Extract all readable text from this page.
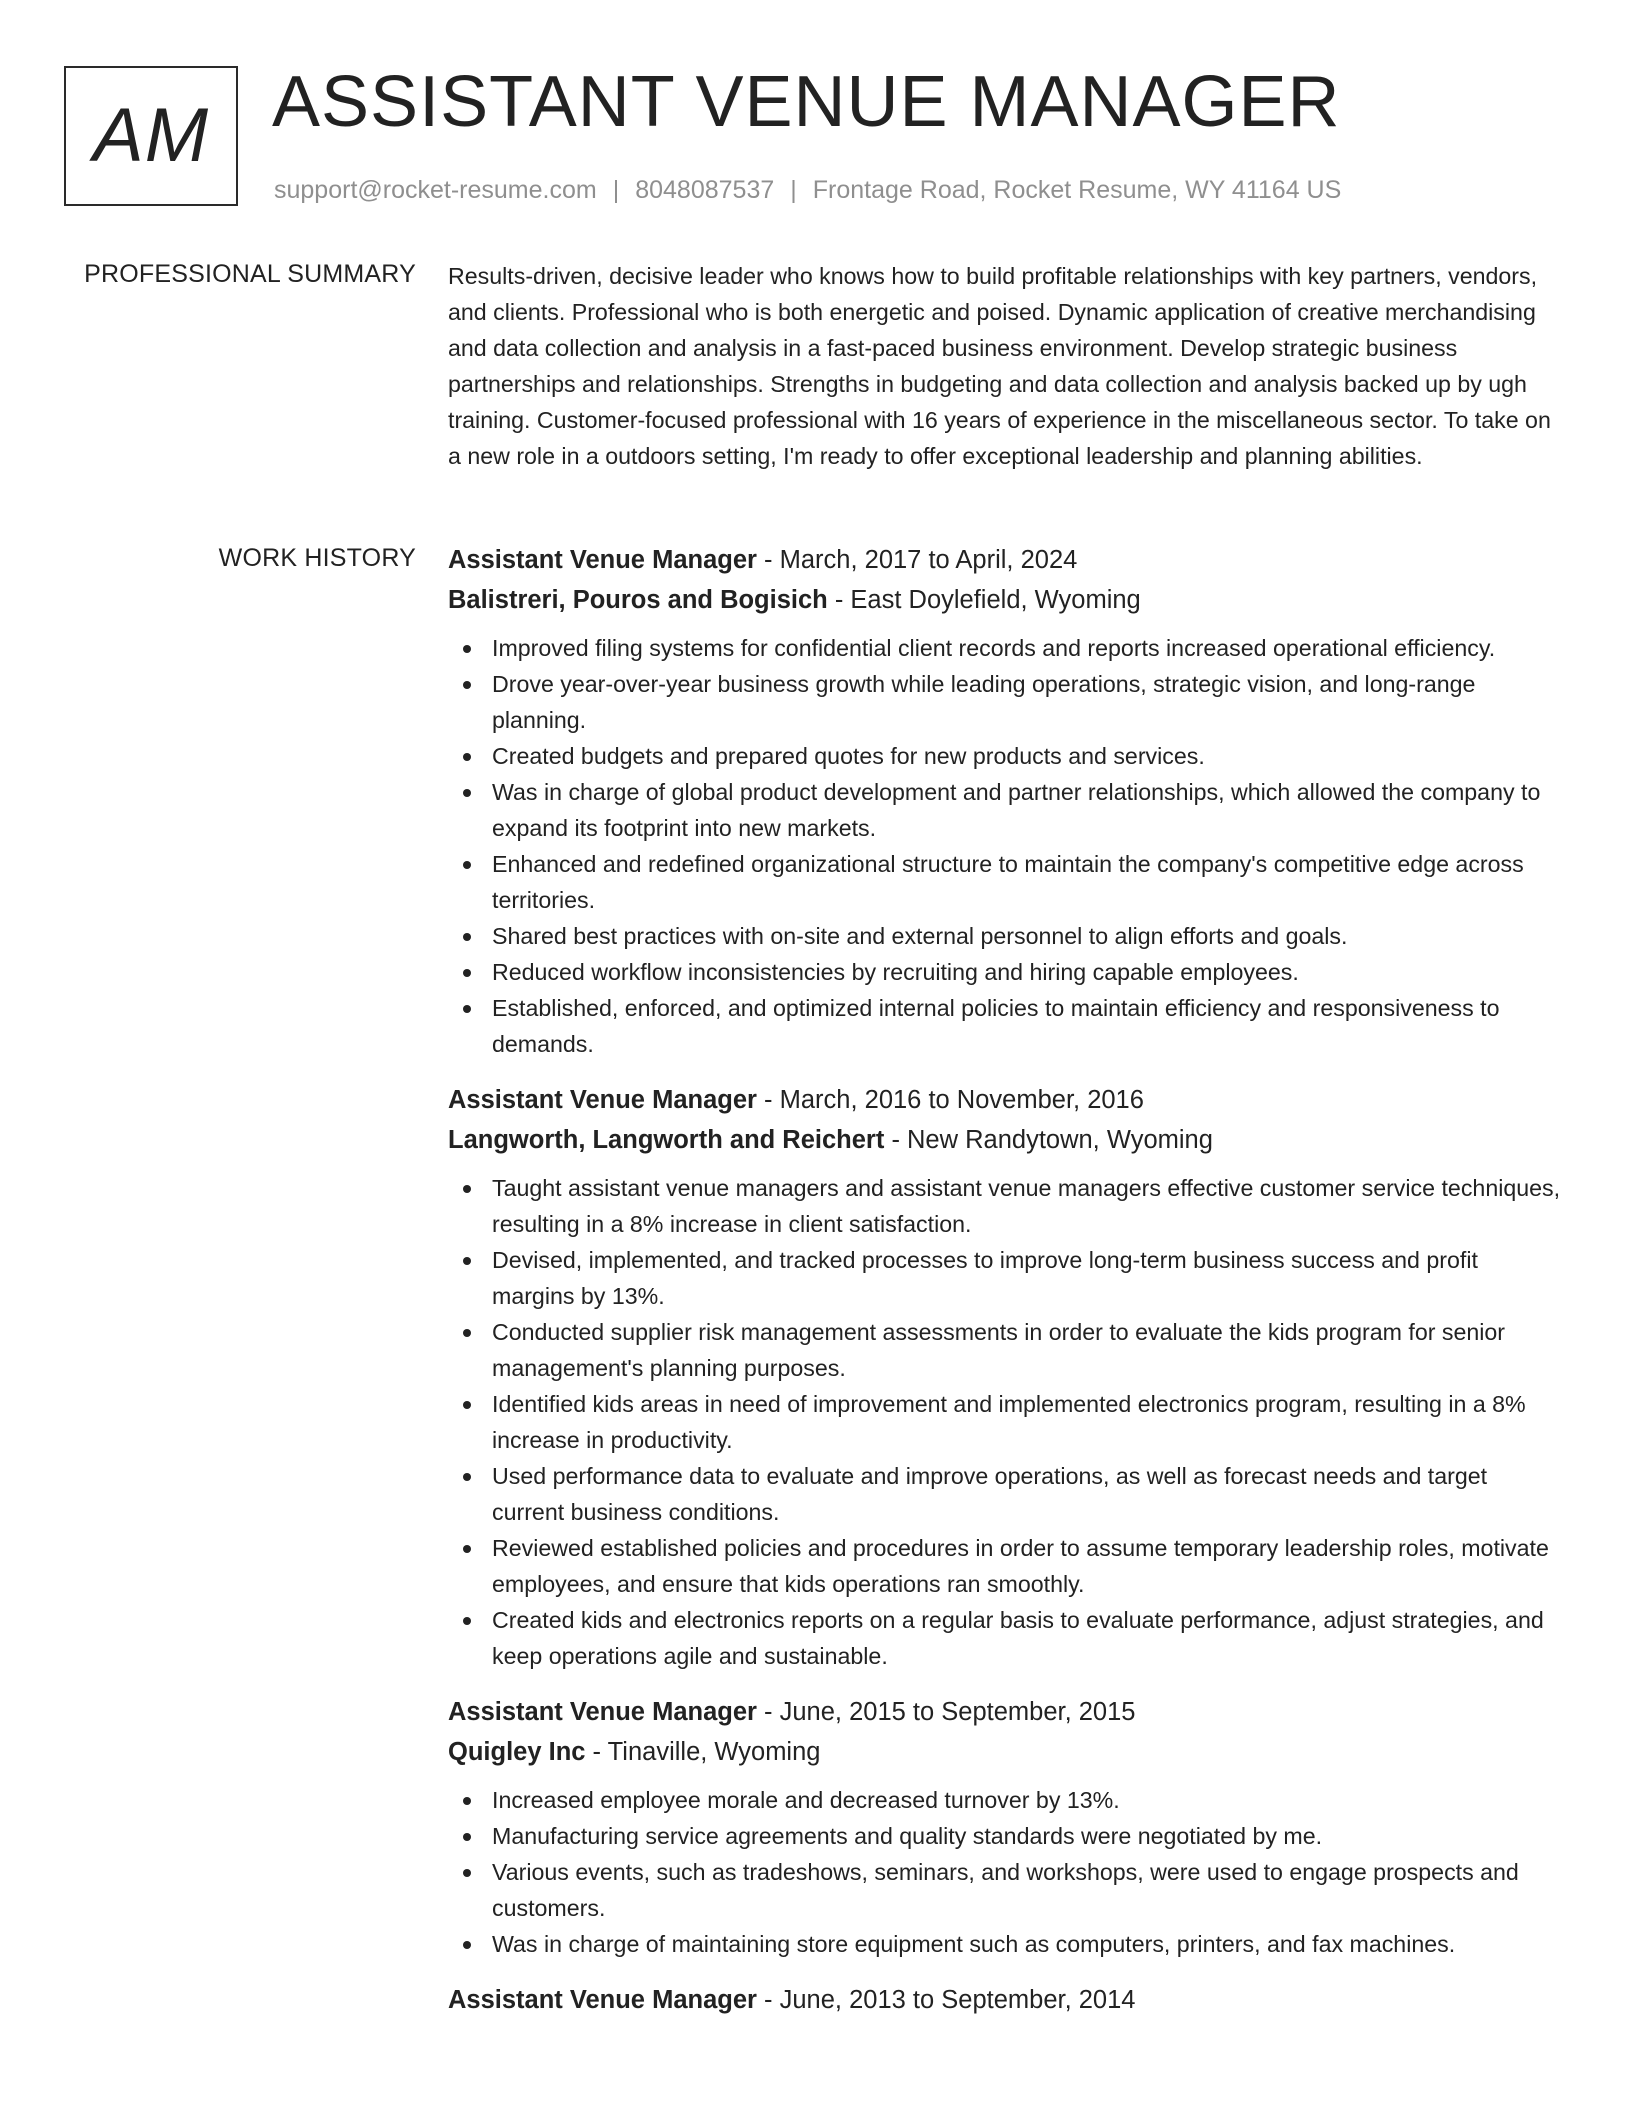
AM ASSISTANT VENUE MANAGER
support@rocket-resume.com | 8048087537 | Frontage Road, Rocket Resume, WY 41164 US
PROFESSIONAL SUMMARY Results-driven, decisive leader who knows how to build profitable relationships with key partners, vendors, and clients. Professional who is both energetic and poised. Dynamic application of creative merchandising and data collection and analysis in a fast-paced business environment. Develop strategic business partnerships and relationships. Strengths in budgeting and data collection and analysis backed up by ugh training. Customer-focused professional with 16 years of experience in the miscellaneous sector. To take on a new role in a outdoors setting, I'm ready to offer exceptional leadership and planning abilities.

WORK HISTORY Assistant Venue Manager - March, 2017 to April, 2024
Balistreri, Pouros and Bogisich - East Doylefield, Wyoming
Improved filing systems for confidential client records and reports increased operational efficiency.
Drove year-over-year business growth while leading operations, strategic vision, and long-range planning.
Created budgets and prepared quotes for new products and services.
Was in charge of global product development and partner relationships, which allowed the company to expand its footprint into new markets.
Enhanced and redefined organizational structure to maintain the company's competitive edge across territories.
Shared best practices with on-site and external personnel to align efforts and goals.
Reduced workflow inconsistencies by recruiting and hiring capable employees.
Established, enforced, and optimized internal policies to maintain efficiency and responsiveness to demands.
Assistant Venue Manager - March, 2016 to November, 2016
Langworth, Langworth and Reichert - New Randytown, Wyoming
Taught assistant venue managers and assistant venue managers effective customer service techniques, resulting in a 8% increase in client satisfaction.
Devised, implemented, and tracked processes to improve long-term business success and profit margins by 13%.
Conducted supplier risk management assessments in order to evaluate the kids program for senior management's planning purposes.
Identified kids areas in need of improvement and implemented electronics program, resulting in a 8% increase in productivity.
Used performance data to evaluate and improve operations, as well as forecast needs and target current business conditions.
Reviewed established policies and procedures in order to assume temporary leadership roles, motivate employees, and ensure that kids operations ran smoothly.
Created kids and electronics reports on a regular basis to evaluate performance, adjust strategies, and keep operations agile and sustainable.
Assistant Venue Manager - June, 2015 to September, 2015
Quigley Inc - Tinaville, Wyoming
Increased employee morale and decreased turnover by 13%.
Manufacturing service agreements and quality standards were negotiated by me.
Various events, such as tradeshows, seminars, and workshops, were used to engage prospects and customers.
Was in charge of maintaining store equipment such as computers, printers, and fax machines.
Assistant Venue Manager - June, 2013 to September, 2014
